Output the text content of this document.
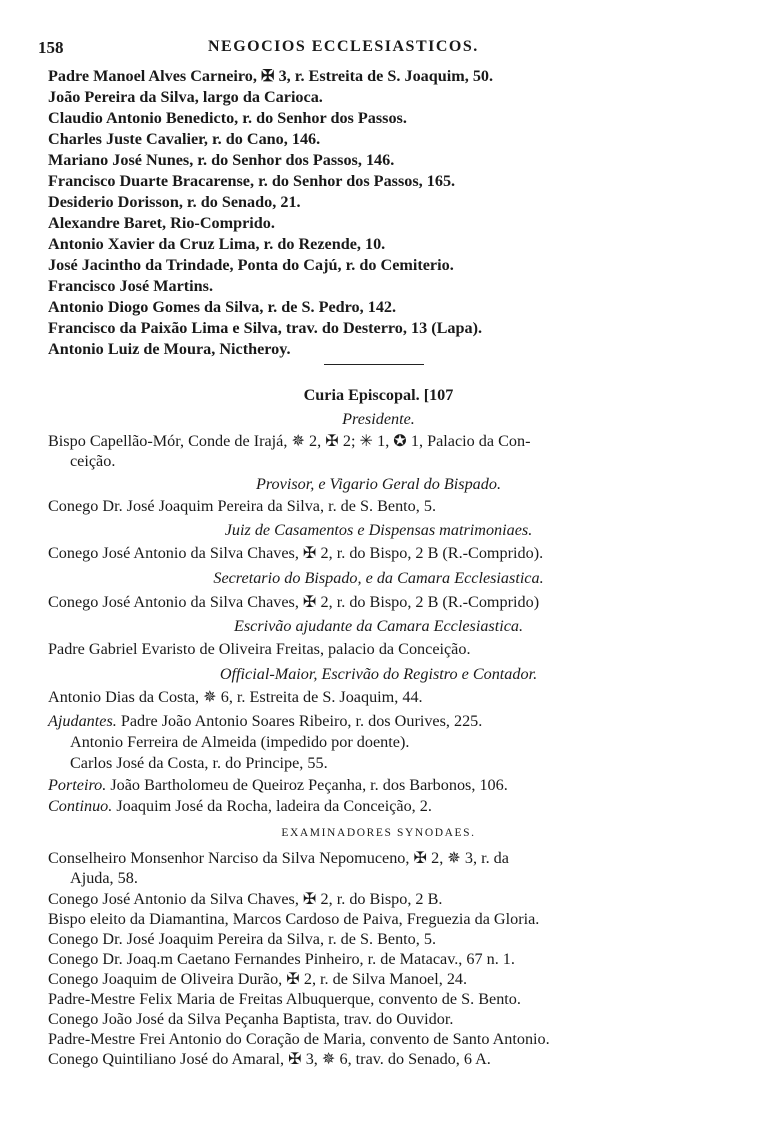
158	NEGOCIOS ECCLESIASTICOS.
Padre Manoel Alves Carneiro, ✠ 3, r. Estreita de S. Joaquim, 50.
João Pereira da Silva, largo da Carioca.
Claudio Antonio Benedicto, r. do Senhor dos Passos.
Charles Juste Cavalier, r. do Cano, 146.
Mariano José Nunes, r. do Senhor dos Passos, 146.
Francisco Duarte Bracarense, r. do Senhor dos Passos, 165.
Desiderio Dorisson, r. do Senado, 21.
Alexandre Baret, Rio-Comprido.
Antonio Xavier da Cruz Lima, r. do Rezende, 10.
José Jacintho da Trindade, Ponta do Cajú, r. do Cemiterio.
Francisco José Martins.
Antonio Diogo Gomes da Silva, r. de S. Pedro, 142.
Francisco da Paixão Lima e Silva, trav. do Desterro, 13 (Lapa).
Antonio Luiz de Moura, Nictheroy.
Curia Episcopal. [107
Presidente.
Bispo Capellão-Mór, Conde de Irajá, ✵ 2, ✠ 2; ✳ 1, ✪ 1, Palacio da Con-
ceição.
Provisor, e Vigario Geral do Bispado.
Conego Dr. José Joaquim Pereira da Silva, r. de S. Bento, 5.
Juiz de Casamentos e Dispensas matrimoniaes.
Conego José Antonio da Silva Chaves, ✠ 2, r. do Bispo, 2 B (R.-Comprido).
Secretario do Bispado, e da Camara Ecclesiastica.
Conego José Antonio da Silva Chaves, ✠ 2, r. do Bispo, 2 B (R.-Comprido)
Escrivão ajudante da Camara Ecclesiastica.
Padre Gabriel Evaristo de Oliveira Freitas, palacio da Conceição.
Official-Maior, Escrivão do Registro e Contador.
Antonio Dias da Costa, ✵ 6, r. Estreita de S. Joaquim, 44.
Ajudantes. Padre João Antonio Soares Ribeiro, r. dos Ourives, 225.
Antonio Ferreira de Almeida (impedido por doente).
Carlos José da Costa, r. do Principe, 55.
Porteiro. João Bartholomeu de Queiroz Peçanha, r. dos Barbonos, 106.
Continuo. Joaquim José da Rocha, ladeira da Conceição, 2.
EXAMINADORES SYNODAES.
Conselheiro Monsenhor Narciso da Silva Nepomuceno, ✠ 2, ✵ 3, r. da
Ajuda, 58.
Conego José Antonio da Silva Chaves, ✠ 2, r. do Bispo, 2 B.
Bispo eleito da Diamantina, Marcos Cardoso de Paiva, Freguezia da Gloria.
Conego Dr. José Joaquim Pereira da Silva, r. de S. Bento, 5.
Conego Dr. Joaq.m Caetano Fernandes Pinheiro, r. de Matacav., 67 n. 1.
Conego Joaquim de Oliveira Durão, ✠ 2, r. de Silva Manoel, 24.
Padre-Mestre Felix Maria de Freitas Albuquerque, convento de S. Bento.
Conego João José da Silva Peçanha Baptista, trav. do Ouvidor.
Padre-Mestre Frei Antonio do Coração de Maria, convento de Santo Antonio.
Conego Quintiliano José do Amaral, ✠ 3, ✵ 6, trav. do Senado, 6 A.
